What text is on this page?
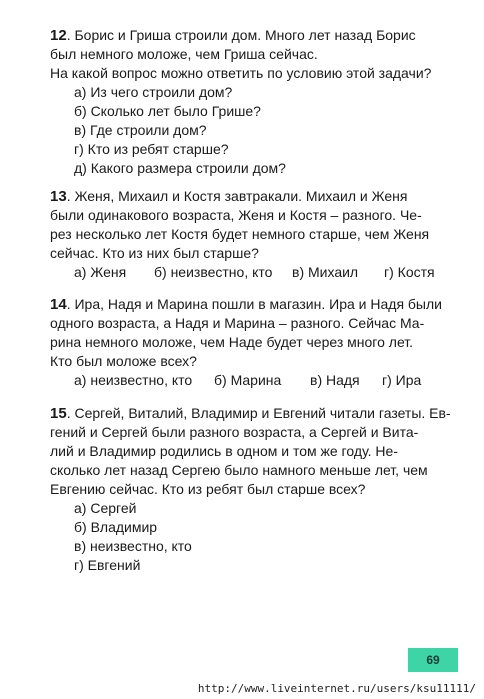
12. Борис и Гриша строили дом. Много лет назад Борис
был немного моложе, чем Гриша сейчас.
На какой вопрос можно ответить по условию этой задачи?
а) Из чего строили дом?
б) Сколько лет было Грише?
в) Где строили дом?
г) Кто из ребят старше?
д) Какого размера строили дом?
13. Женя, Михаил и Костя завтракали. Михаил и Женя
были одинакового возраста, Женя и Костя – разного. Че-
рез несколько лет Костя будет немного старше, чем Женя
сейчас. Кто из них был старше?
а) Женя	б) неизвестно, кто	в) Михаил	г) Костя
14. Ира, Надя и Марина пошли в магазин. Ира и Надя были
одного возраста, а Надя и Марина – разного. Сейчас Ма-
рина немного моложе, чем Наде будет через много лет.
Кто был моложе всех?
а) неизвестно, кто	б) Марина	в) Надя	г) Ира
15. Сергей, Виталий, Владимир и Евгений читали газеты. Ев-
гений и Сергей были разного возраста, а Сергей и Вита-
лий и Владимир родились в одном и том же году. Не-
сколько лет назад Сергею было намного меньше лет, чем
Евгению сейчас. Кто из ребят был старше всех?
а) Сергей
б) Владимир
в) неизвестно, кто
г) Евгений
69
http://www.liveinternet.ru/users/ksu11111/
